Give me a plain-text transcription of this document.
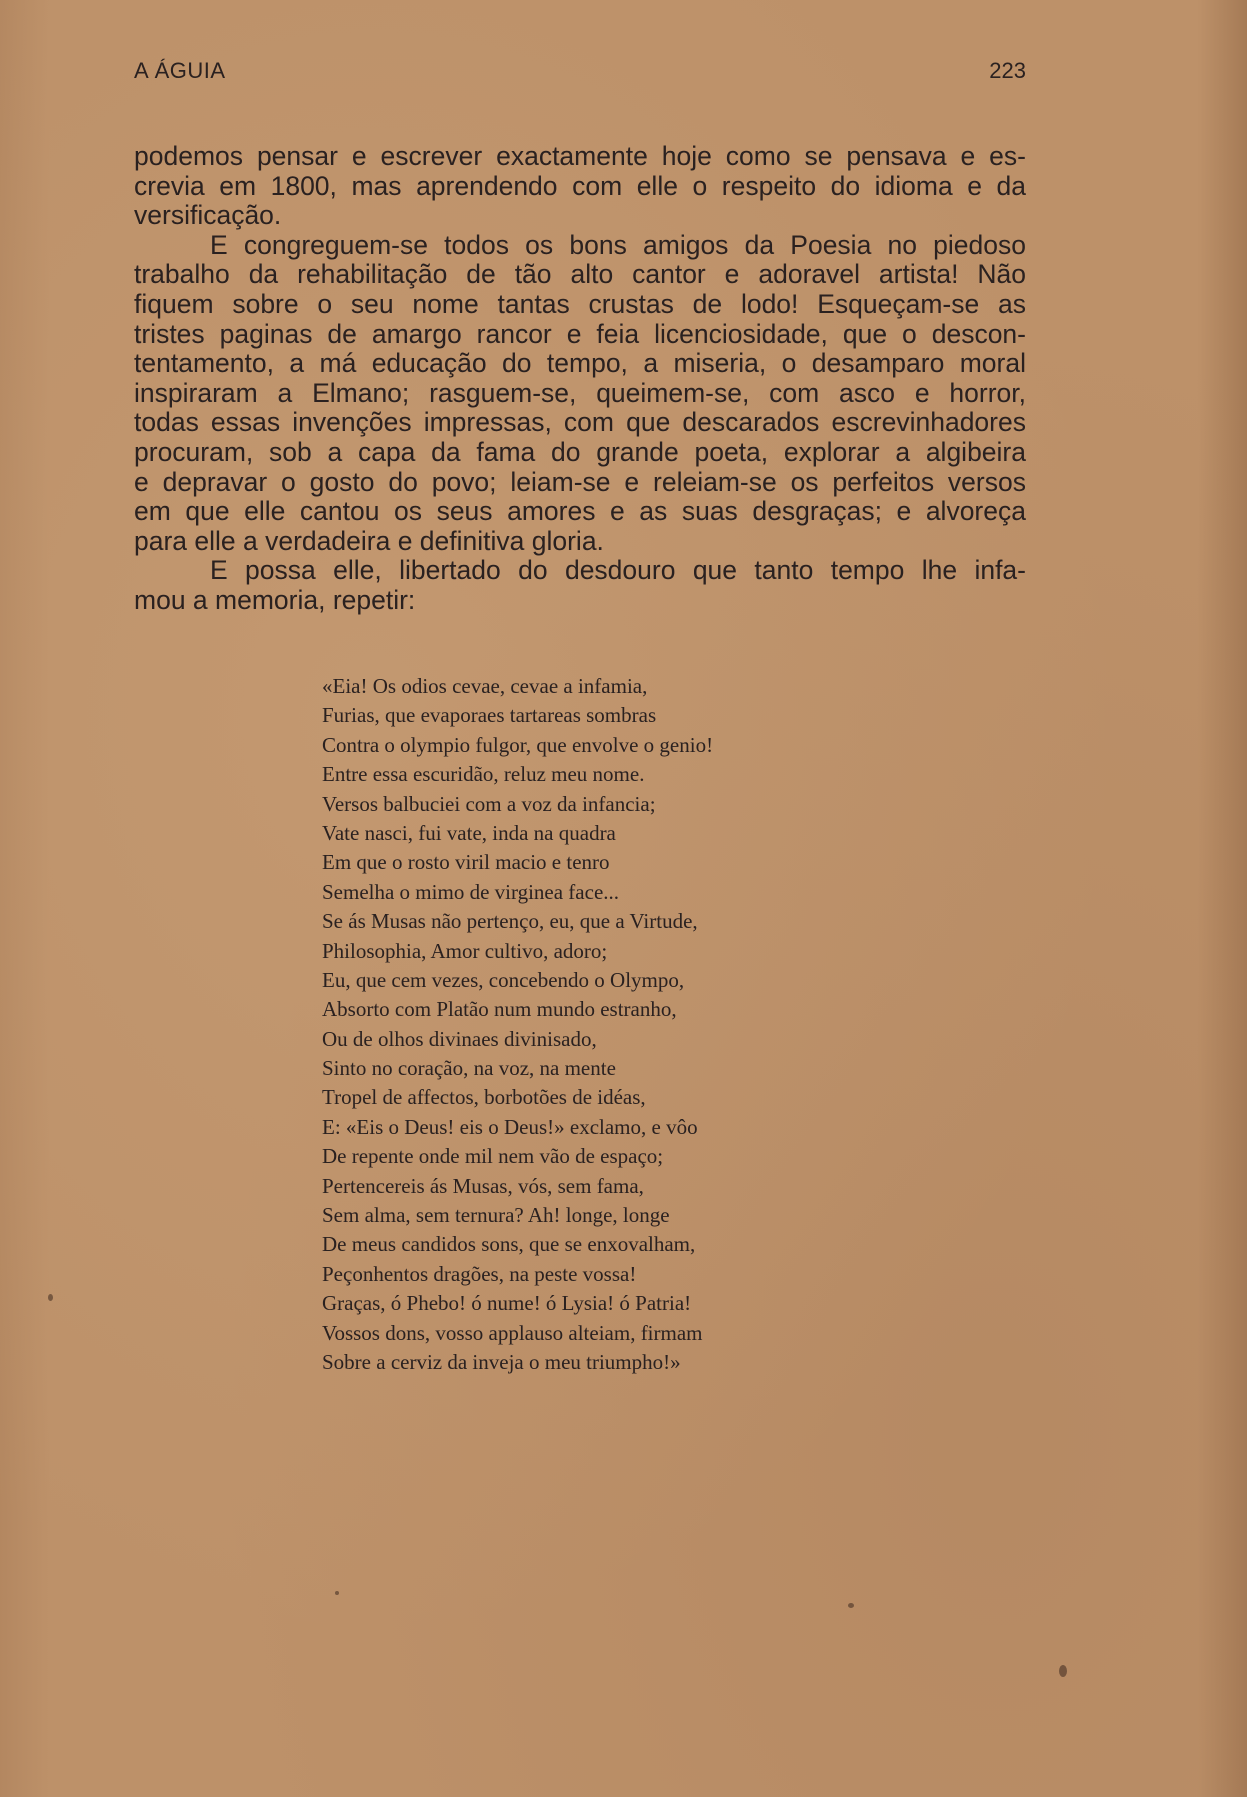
A ÁGUIA	223
podemos pensar e escrever exactamente hoje como se pensava e es-
crevia em 1800, mas aprendendo com elle o respeito do idioma e da
versificação.
E congreguem-se todos os bons amigos da Poesia no piedoso
trabalho da rehabilitação de tão alto cantor e adoravel artista! Não
fiquem sobre o seu nome tantas crustas de lodo! Esqueçam-se as
tristes paginas de amargo rancor e feia licenciosidade, que o descon-
tentamento, a má educação do tempo, a miseria, o desamparo moral
inspiraram a Elmano; rasguem-se, queimem-se, com asco e horror,
todas essas invenções impressas, com que descarados escrevinhadores
procuram, sob a capa da fama do grande poeta, explorar a algibeira
e depravar o gosto do povo; leiam-se e releiam-se os perfeitos versos
em que elle cantou os seus amores e as suas desgraças; e alvoreça
para elle a verdadeira e definitiva gloria.
E possa elle, libertado do desdouro que tanto tempo lhe infa-
mou a memoria, repetir:
«Eia! Os odios cevae, cevae a infamia,
Furias, que evaporaes tartareas sombras
Contra o olympio fulgor, que envolve o genio!
Entre essa escuridão, reluz meu nome.
Versos balbuciei com a voz da infancia;
Vate nasci, fui vate, inda na quadra
Em que o rosto viril macio e tenro
Semelha o mimo de virginea face...
Se ás Musas não pertenço, eu, que a Virtude,
Philosophia, Amor cultivo, adoro;
Eu, que cem vezes, concebendo o Olympo,
Absorto com Platão num mundo estranho,
Ou de olhos divinaes divinisado,
Sinto no coração, na voz, na mente
Tropel de affectos, borbotões de idéas,
E: «Eis o Deus! eis o Deus!» exclamo, e vôo
De repente onde mil nem vão de espaço;
Pertencereis ás Musas, vós, sem fama,
Sem alma, sem ternura? Ah! longe, longe
De meus candidos sons, que se enxovalham,
Peçonhentos dragões, na peste vossa!
Graças, ó Phebo! ó nume! ó Lysia! ó Patria!
Vossos dons, vosso applauso alteiam, firmam
Sobre a cerviz da inveja o meu triumpho!»
